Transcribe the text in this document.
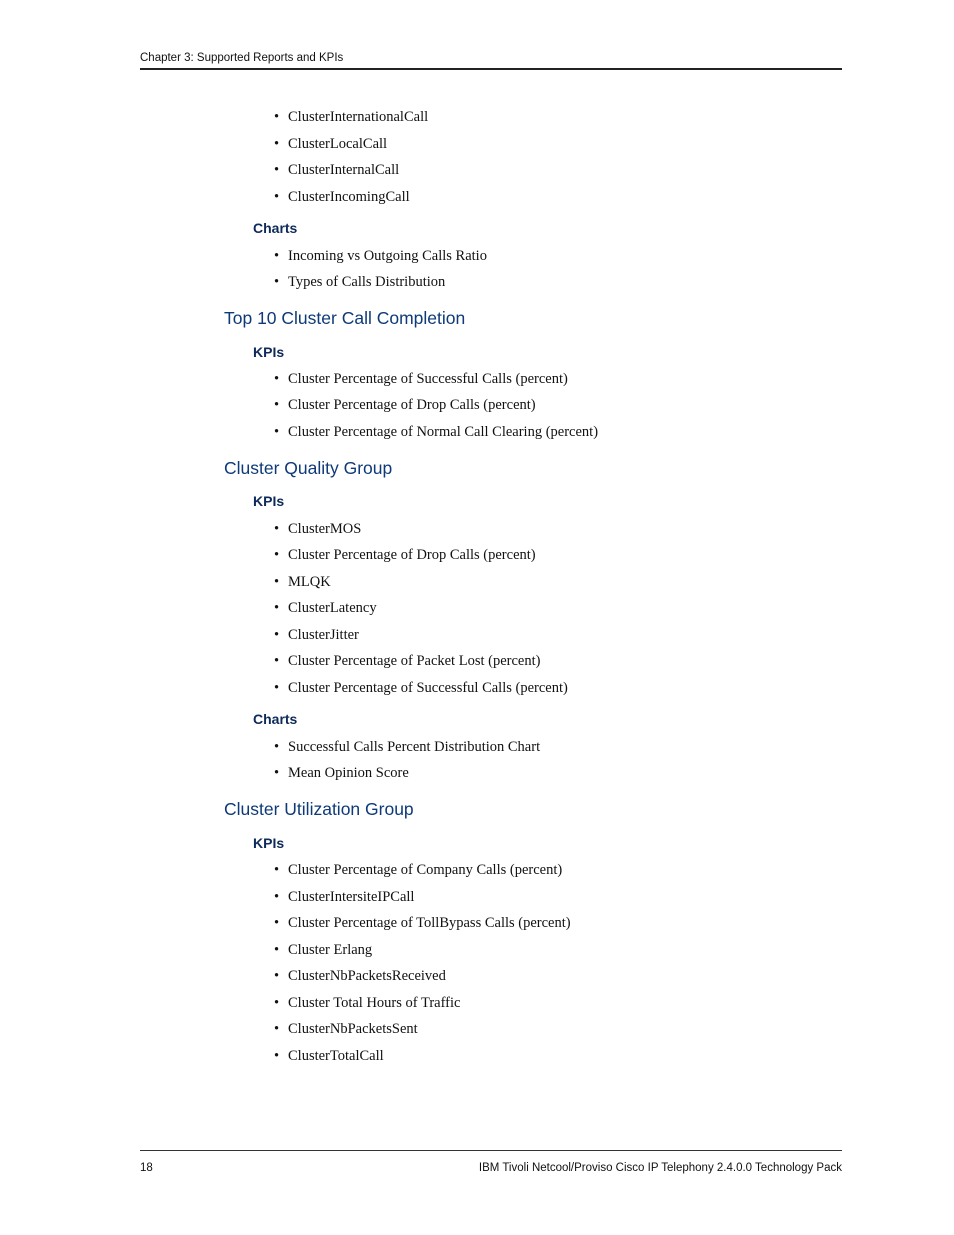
Chapter 3: Supported Reports and KPIs
• ClusterInternationalCall
• ClusterLocalCall
• ClusterInternalCall
• ClusterIncomingCall
Charts
• Incoming vs Outgoing Calls Ratio
• Types of Calls Distribution
Top 10 Cluster Call Completion
KPIs
• Cluster Percentage of Successful Calls (percent)
• Cluster Percentage of Drop Calls (percent)
• Cluster Percentage of Normal Call Clearing (percent)
Cluster Quality Group
KPIs
• ClusterMOS
• Cluster Percentage of Drop Calls (percent)
• MLQK
• ClusterLatency
• ClusterJitter
• Cluster Percentage of Packet Lost (percent)
• Cluster Percentage of Successful Calls (percent)
Charts
• Successful Calls Percent Distribution Chart
• Mean Opinion Score
Cluster Utilization Group
KPIs
• Cluster Percentage of Company Calls (percent)
• ClusterIntersiteIPCall
• Cluster Percentage of TollBypass Calls (percent)
• Cluster Erlang
• ClusterNbPacketsReceived
• Cluster Total Hours of Traffic
• ClusterNbPacketsSent
• ClusterTotalCall
18	IBM Tivoli Netcool/Proviso Cisco IP Telephony 2.4.0.0 Technology Pack
